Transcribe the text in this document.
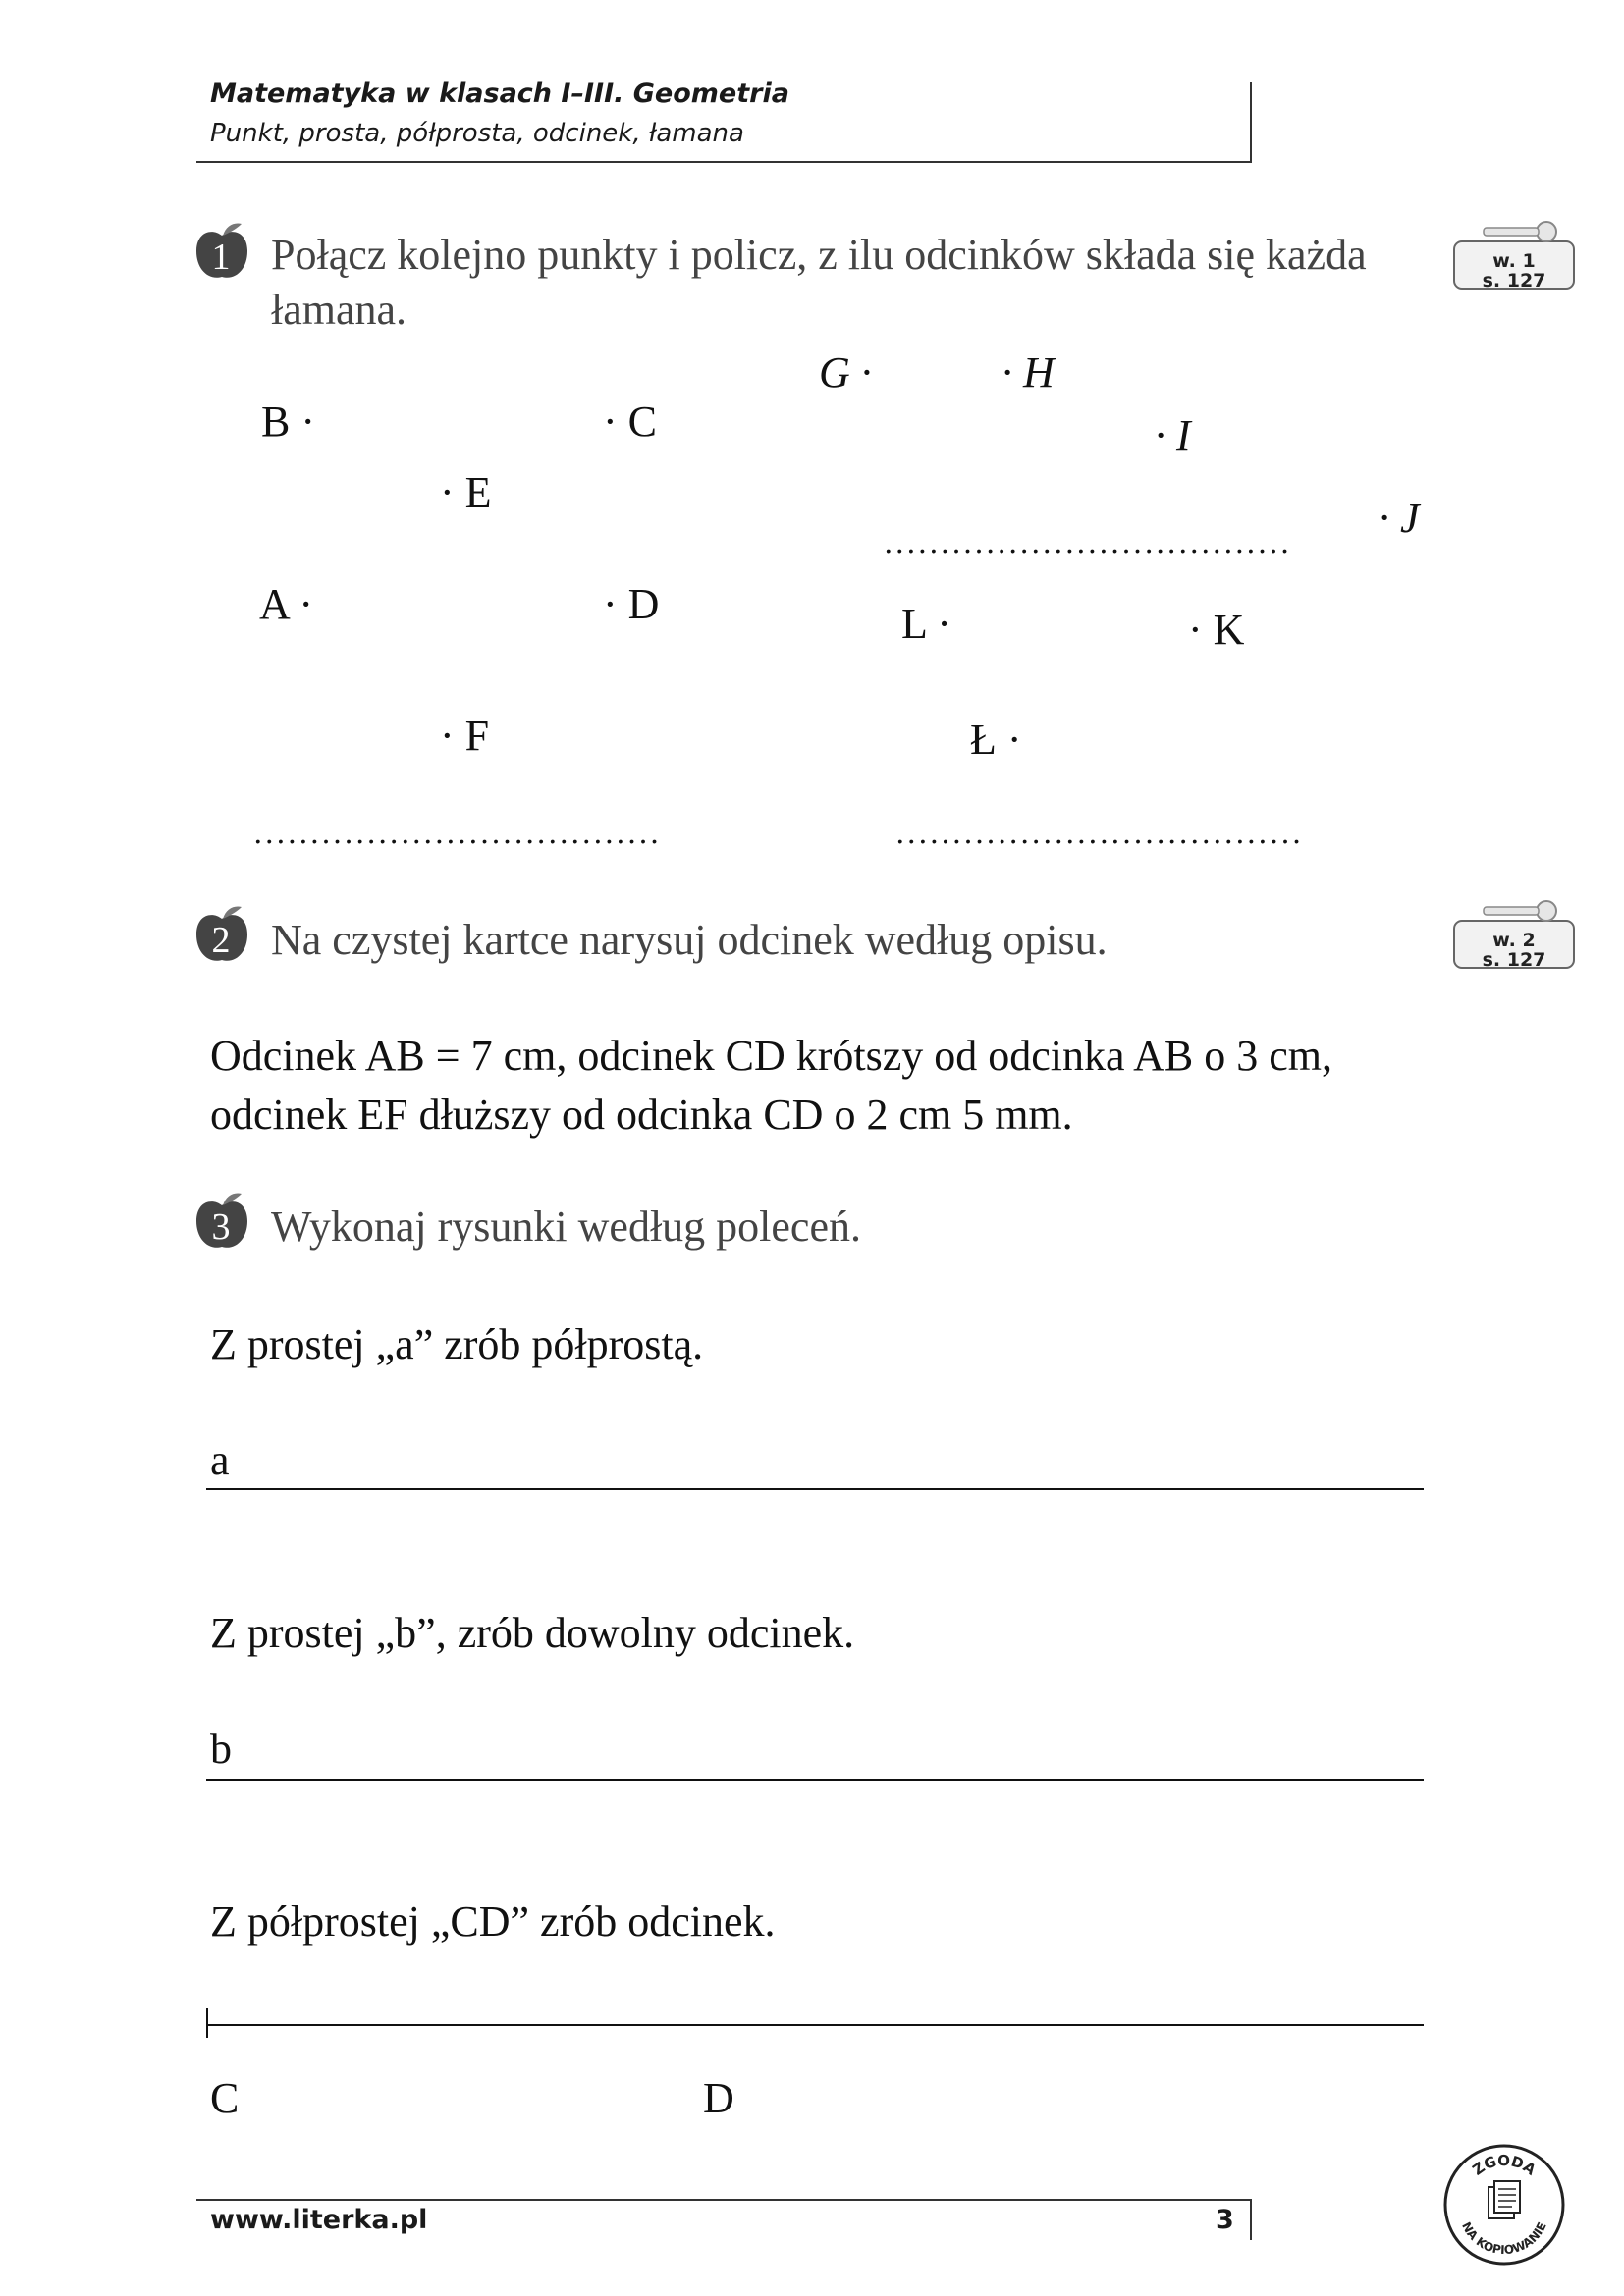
Matematyka w klasach I–III. Geometria
Punkt, prosta, półprosta, odcinek, łamana
1 Połącz kolejno punkty i policz, z ilu odcinków składa się każda
łamana.
w. 1
s. 127
B ·	· C
· E
A ·	· D
· F
....................................
G ·	· H
· I
· J
....................................
L ·	· K
Ł ·
....................................
2 Na czystej kartce narysuj odcinek według opisu.	w. 2
s. 127
Odcinek AB = 7 cm, odcinek CD krótszy od odcinka AB o 3 cm,
odcinek EF dłuższy od odcinka CD o 2 cm 5 mm.
3 Wykonaj rysunki według poleceń.
Z prostej „a” zrób półprostą.
a
Z prostej „b”, zrób dowolny odcinek.
b
Z półprostej „CD” zrób odcinek.
C	D
www.literka.pl	3
ZGODA
NA KOPIOWANIE
